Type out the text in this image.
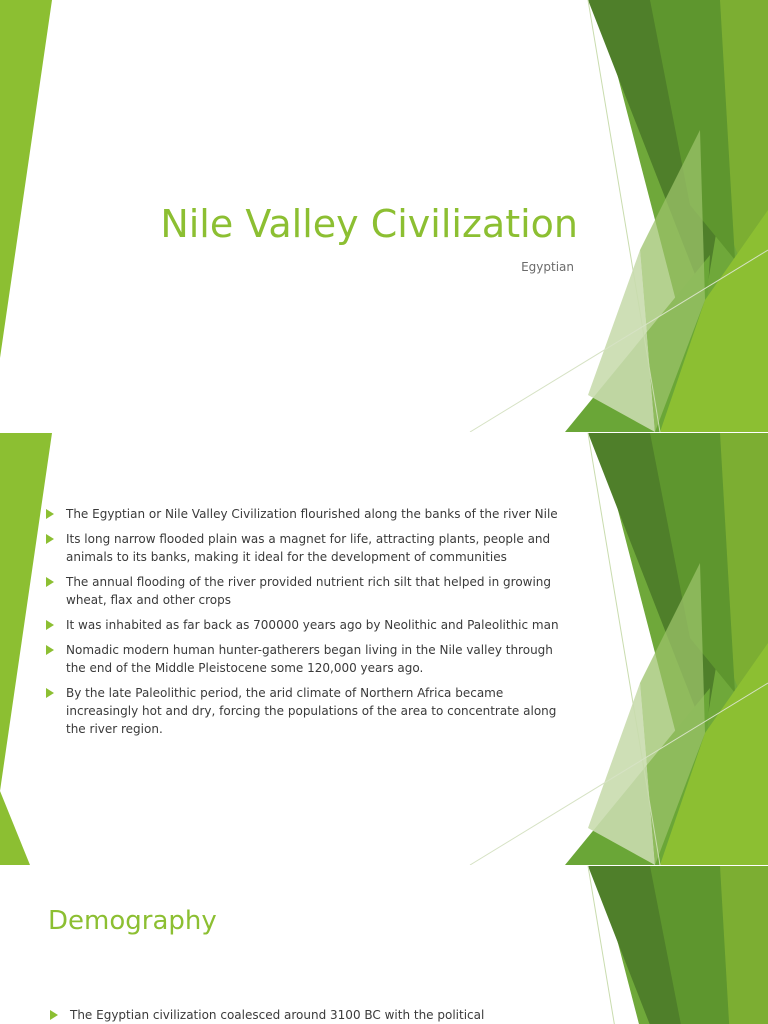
Nile Valley Civilization
Egyptian
The Egyptian or Nile Valley Civilization flourished along the banks of the river Nile
Its long narrow flooded plain was a magnet for life, attracting plants, people and animals to its banks, making it ideal for the development of communities
The annual flooding of the river provided nutrient rich silt that helped in growing wheat, flax and other crops
It was inhabited as far back as 700000 years ago by Neolithic and Paleolithic man
Nomadic modern human hunter-gatherers began living in the Nile valley through the end of the Middle Pleistocene some 120,000 years ago.
By the late Paleolithic period, the arid climate of Northern Africa became increasingly hot and dry, forcing the populations of the area to concentrate along the river region.
Demography
The Egyptian civilization coalesced around 3100 BC with the political
